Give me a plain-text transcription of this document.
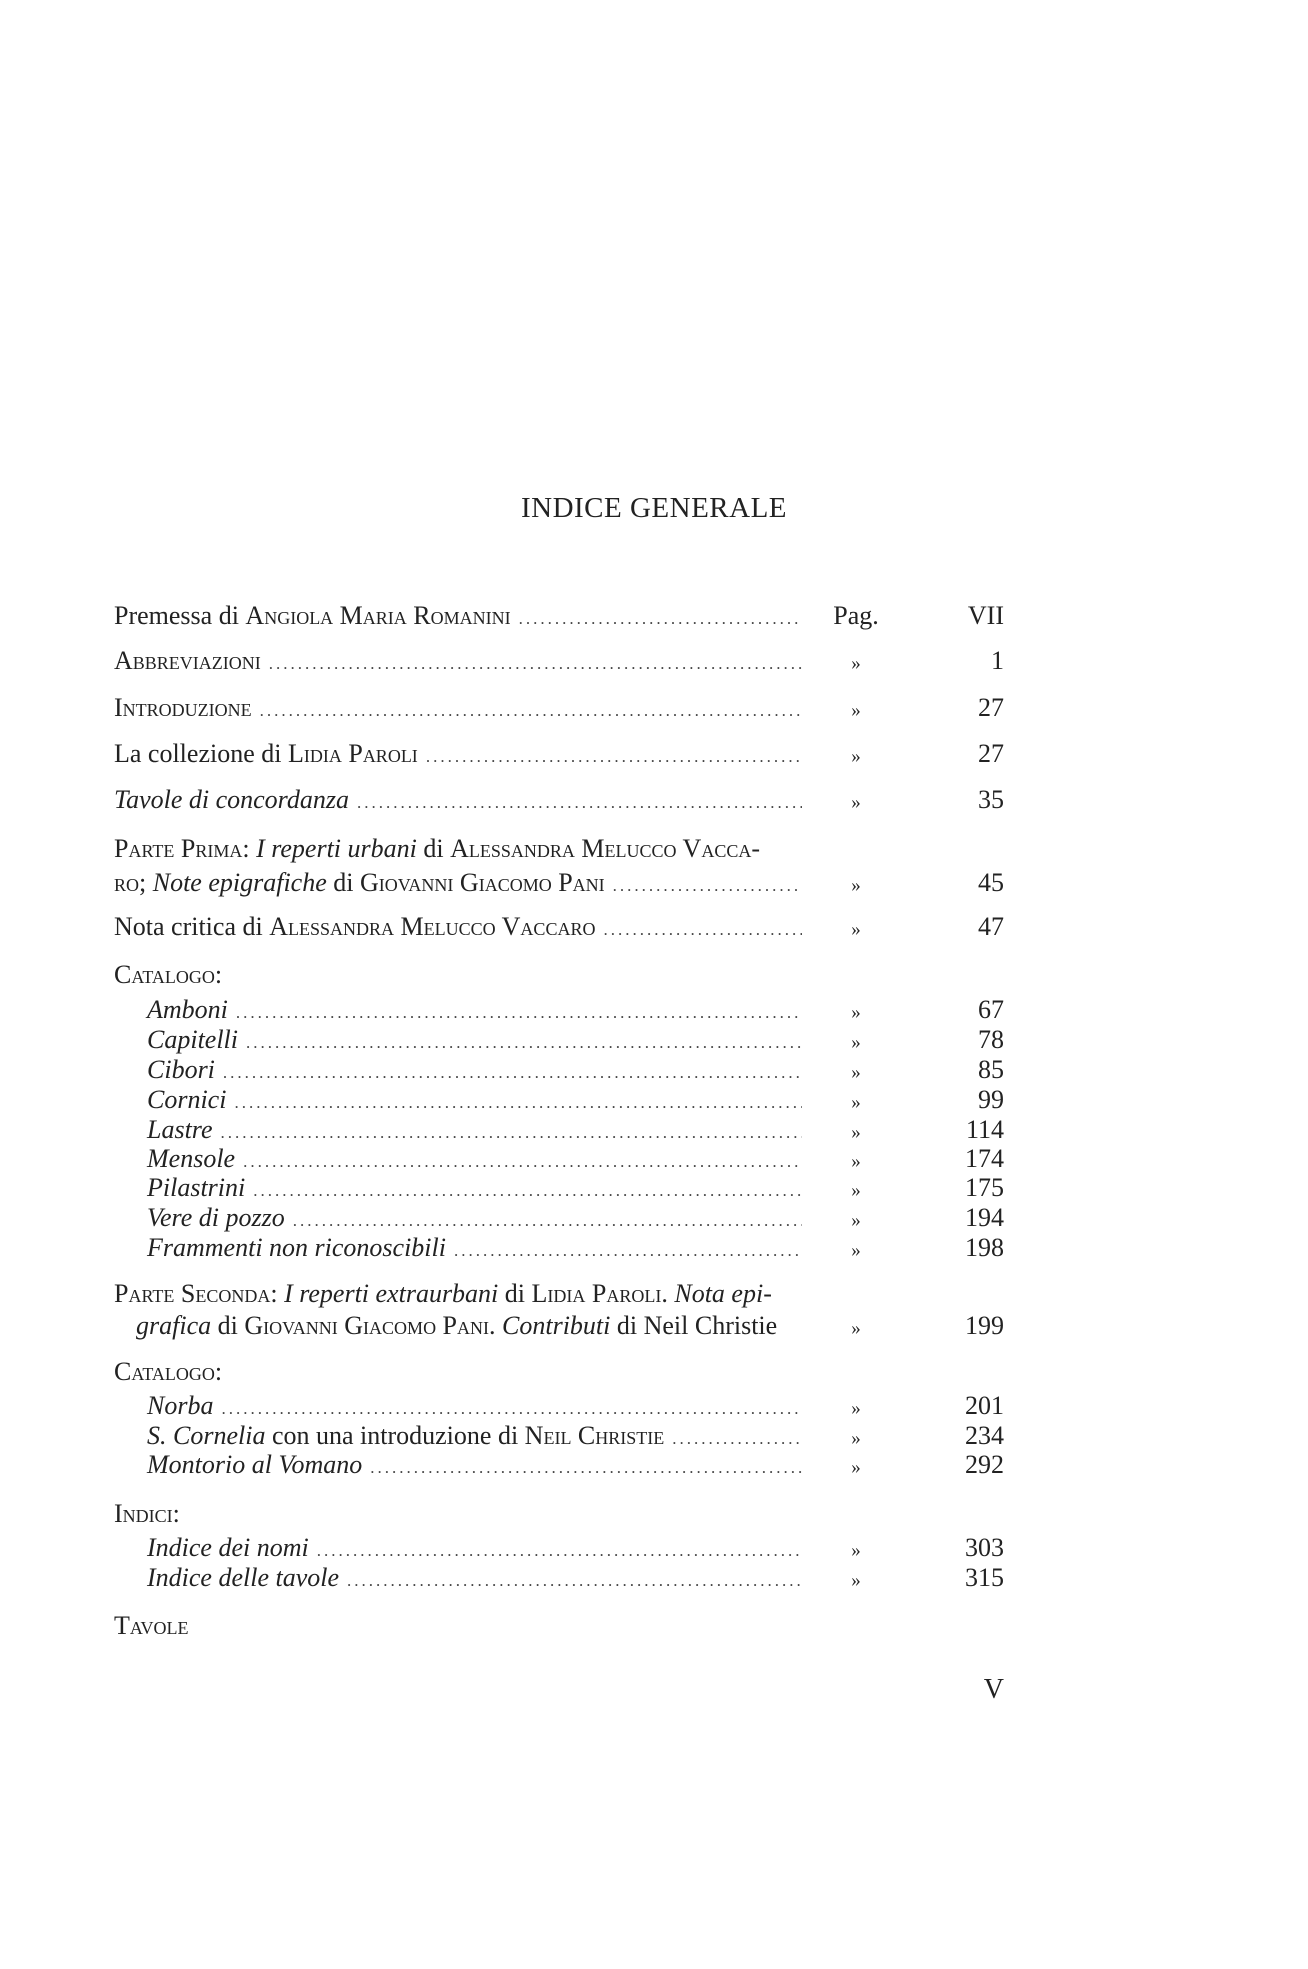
INDICE GENERALE
Premessa di Angiola Maria Romanini .....	Pag.	VII
Abbreviazioni .....	»	1
Introduzione .....	»	27
La collezione di Lidia Paroli .....	»	27
Tavole di concordanza .....	»	35
Parte Prima: I reperti urbani di Alessandra Melucco Vacca-
ro; Note epigrafiche di Giovanni Giacomo Pani .....	»	45
Nota critica di Alessandra Melucco Vaccaro .....	»	47
Catalogo:
Amboni .....	»	67
Capitelli .....	»	78
Cibori .....	»	85
Cornici .....	»	99
Lastre .....	»	114
Mensole .....	»	174
Pilastrini .....	»	175
Vere di pozzo .....	»	194
Frammenti non riconoscibili .....	»	198
Parte Seconda: I reperti extraurbani di Lidia Paroli. Nota epi-
grafica di Giovanni Giacomo Pani. Contributi di Neil Christie	»	199
Catalogo:
Norba .....	»	201
S. Cornelia con una introduzione di Neil Christie .....	»	234
Montorio al Vomano .....	»	292
Indici:
Indice dei nomi .....	»	303
Indice delle tavole .....	»	315
Tavole
V
